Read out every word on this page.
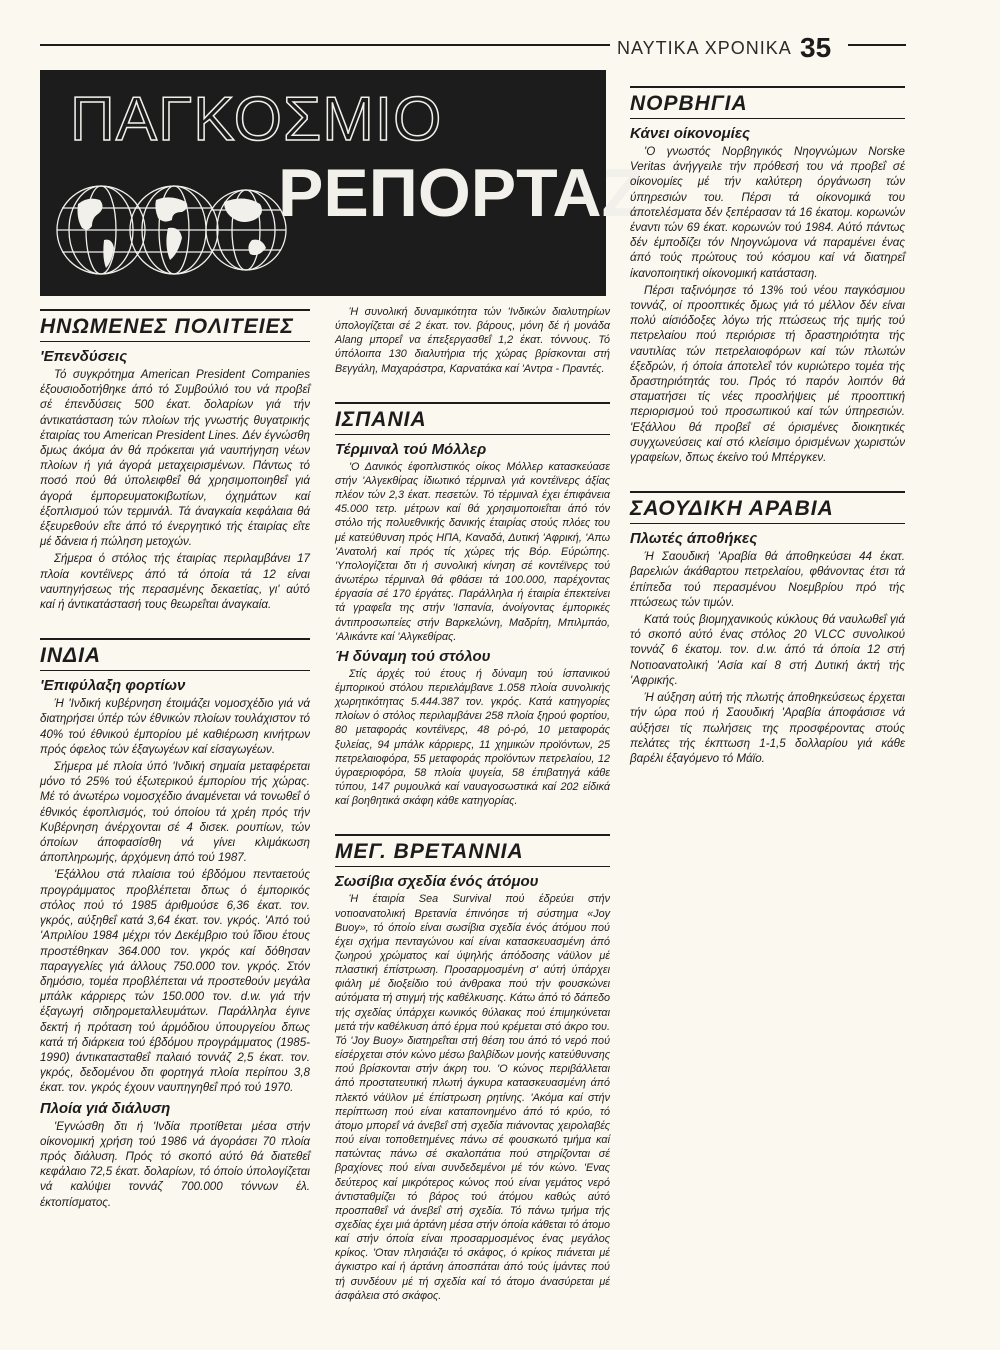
ΝΑΥΤΙΚΑ ΧΡΟΝΙΚΑ 35
ΠΑΓΚΟΣΜΙΟ
ΡΕΠΟΡΤΑΖ
ΗΝΩΜΕΝΕΣ ΠΟΛΙΤΕΙΕΣ
'Επενδύσεις

Τό συγκρότημα American President Companies έξουσιοδοτήθηκε άπό τό Συμβούλιό του νά προβεΐ σέ έπενδύσεις 500 έκατ. δολαρίων γιά τήν άντικατάσταση τών πλοίων τής γνωστής θυγατρικής έταιρίας του American President Lines. Δέν έγνώσθη δμως άκόμα άν θά πρόκειται γιά ναυπήγηση νέων πλοίων ή γιά άγορά μεταχειρισμένων. Πάντως τό ποσό πού θά ύπολειφθεΐ θά χρησιμοποιηθεΐ γιά άγορά έμπορευματοκιβωτίων, όχημάτων καί έξοπλισμού τών τερμινάλ. Τά άναγκαία κεφάλαια θά έξευρεθούν εΐτε άπό τό ένεργητικό τής έταιρίας εΐτε μέ δάνεια ή πώληση μετοχών.

Σήμερα ό στόλος τής έταιρίας περιλαμβάνει 17 πλοία κοντέϊνερς άπό τά όποία τά 12 είναι ναυπηγήσεως τής περασμένης δεκαετίας, γι' αύτό καί ή άντικατάστασή τους θεωρεΐται άναγκαία.

ΙΝΔΙΑ
'Επιφύλαξη φορτίων

Ή 'Ινδική κυβέρνηση έτοιμάζει νομοσχέδιο γιά νά διατηρήσει ύπέρ τών έθνικών πλοίων τουλάχιστον τό 40% τού έθνικού έμπορίου μέ καθιέρωση κινήτρων πρός όφελος τών έξαγωγέων καί είσαγωγέων.

Σήμερα μέ πλοία ύπό 'Ινδική σημαία μεταφέρεται μόνο τό 25% τού έξωτερικού έμπορίου τής χώρας. Μέ τό άνωτέρω νομοσχέδιο άναμένεται νά τονωθεΐ ό έθνικός έφοπλισμός, τού όποίου τά χρέη πρός τήν Κυβέρνηση άνέρχονται σέ 4 δισεκ. ρουπίων, τών όποίων άποφασίσθη νά γίνει κλιμάκωση άποπληρωμής, άρχόμενη άπό τού 1987.

'Εξάλλου στά πλαίσια τού έβδόμου πενταετούς προγράμματος προβλέπεται δπως ό έμπορικός στόλος πού τό 1985 άριθμούσε 6,36 έκατ. τον. γκρός, αύξηθεΐ κατά 3,64 έκατ. τον. γκρός. 'Από τού 'Απριλίου 1984 μέχρι τόν Δεκέμβριο τού ΐδιου έτους προστέθηκαν 364.000 τον. γκρός καί δόθησαν παραγγελίες γιά άλλους 750.000 τον. γκρός. Στόν δημόσιο, τομέα προβλέπεται νά προστεθούν μεγάλα μπάλκ κάρριερς τών 150.000 τον. d.w. γιά τήν έξαγωγή σιδηρομεταλλευμάτων. Παράλληλα έγινε δεκτή ή πρόταση τού άρμόδιου ύπουργείου δπως κατά τή διάρκεια τού έβδόμου προγράμματος (1985-1990) άντικατασταθεΐ παλαιό τοννάζ 2,5 έκατ. τον. γκρός, δεδομένου δτι φορτηγά πλοία περίπου 3,8 έκατ. τον. γκρός έχουν ναυπηγηθεΐ πρό τού 1970.

Πλοία γιά διάλυση

'Εγνώσθη δτι ή 'Ινδία προτίθεται μέσα στήν οίκονομική χρήση τού 1986 νά άγοράσει 70 πλοία πρός διάλυση. Πρός τό σκοπό αύτό θά διατεθεΐ κεφάλαιο 72,5 έκατ. δολαρίων, τό όποίο ύπολογίζεται νά καλύψει τοννάζ 700.000 τόννων έλ. έκτοπίσματος.

Ή συνολική δυναμικότητα τών 'Ινδικών διαλυτηρίων ύπολογίζεται σέ 2 έκατ. τον. βάρους, μόνη δέ ή μονάδα Alang μπορεΐ να έπεξεργασθεΐ 1,2 έκατ. τόννους. Τό ύπόλοιπα 130 διαλυτήρια τής χώρας βρίσκονται στή Βεγγάλη, Μαχαράστρα, Καρνατάκα καί 'Αντρα - Πραντές.

ΙΣΠΑΝΙΑ
Τέρμιναλ τού Μόλλερ

'Ο Δανικός έφοπλιστικός οίκος Μόλλερ κατασκεύασε στήν 'Αλγεκθίρας ίδιωτικό τέρμιναλ γιά κοντέϊνερς άξίας πλέον τών 2,3 έκατ. πεσετών. Τό τέρμιναλ έχει έπιφάνεια 45.000 τετρ. μέτρων καί θά χρησιμοποιεΐται άπό τόν στόλο τής πολυεθνικής δανικής έταιρίας στούς πλόες του μέ κατεύθυνση πρός ΗΠΑ, Καναδά, Δυτική 'Αφρική, 'Απω 'Ανατολή καί πρός τίς χώρες τής Βόρ. Εύρώπης. 'Υπολογίζεται δτι ή συνολική κίνηση σέ κοντέϊνερς τού άνωτέρω τέρμιναλ θά φθάσει τά 100.000, παρέχοντας έργασία σέ 170 έργάτες. Παράλληλα ή έταιρία έπεκτείνει τά γραφεΐα της στήν 'Ισπανία, άνοίγοντας έμπορικές άντιπροσωπείες στήν Βαρκελώνη, Μαδρίτη, Μπιλμπάο, 'Αλικάντε καί 'Αλγκεθίρας.

Ή δύναμη τού στόλου

Στίς άρχές τού έτους ή δύναμη τού ίσπανικού έμπορικού στόλου περιελάμβανε 1.058 πλοία συνολικής χωρητικότητας 5.444.387 τον. γκρός. Κατά κατηγορίες πλοίων ό στόλος περιλαμβάνει 258 πλοία ξηρού φορτίου, 80 μεταφοράς κοντέϊνερς, 48 ρό-ρό, 10 μεταφοράς ξυλείας, 94 μπάλκ κάρριερς, 11 χημικών προϊόντων, 25 πετρελαιοφόρα, 55 μεταφοράς προϊόντων πετρελαίου, 12 ύγραεριοφόρα, 58 πλοία ψυγεία, 58 έπιβατηγά κάθε τύπου, 147 ρυμουλκά καί ναυαγοσωστικά καί 202 είδικά καί βοηθητικά σκάφη κάθε κατηγορίας.

ΜΕΓ. ΒΡΕΤΑΝΝΙΑ
Σωσίβια σχεδία ένός άτόμου

Ή έταιρία Sea Survival πού έδρεύει στήν νοτιοανατολική Βρετανία έπινόησε τή σύστημα «Joy Buoy», τό όποίο είναι σωσίβια σχεδία ένός άτόμου πού έχει σχήμα πενταγώνου καί είναι κατασκευασμένη άπό ζωηρού χρώματος καί ύψηλής άπόδοσης νάϋλον μέ πλαστική έπίστρωση. Προσαρμοσμένη σ' αύτή ύπάρχει φιάλη μέ διοξείδιο τού άνθρακα πού τήν φουσκώνει αύτόματα τή στιγμή τής καθέλκυσης. Κάτω άπό τό δάπεδο τής σχεδίας ύπάρχει κωνικός θύλακας πού έπιμηκύνεται μετά τήν καθέλκυση άπό έρμα πού κρέμεται στό άκρο του. Τό 'Joy Buoy» διατηρεΐται στή θέση του άπό τό νερό πού είσέρχεται στόν κώνο μέσω βαλβίδων μονής κατεύθυνσης πού βρίσκονται στήν άκρη του. 'Ο κώνος περιβάλλεται άπό προστατευτική πλωτή άγκυρα κατασκευασμένη άπό πλεκτό νάϋλον μέ έπίστρωση ρητίνης. 'Ακόμα καί στήν περίπτωση πού είναι καταπονημένο άπό τό κρύο, τό άτομο μπορεΐ νά άνεβεΐ στή σχεδία πιάνοντας χειρολαβές πού είναι τοποθετημένες πάνω σέ φουσκωτό τμήμα καί πατώντας πάνω σέ σκαλοπάτια πού στηρίζονται σέ βραχίονες πού είναι συνδεδεμένοι μέ τόν κώνο. 'Ενας δεύτερος καί μικρότερος κώνος πού είναι γεμάτος νερό άντισταθμίζει τό βάρος τού άτόμου καθώς αύτό προσπαθεΐ νά άνεβεΐ στή σχεδία. Τό πάνω τμήμα τής σχεδίας έχει μιά άρτάνη μέσα στήν όποία κάθεται τό άτομο καί στήν όποία είναι προσαρμοσμένος ένας μεγάλος κρίκος. 'Οταν πλησιάζει τό σκάφος, ό κρίκος πιάνεται μέ άγκιστρο καί ή άρτάνη άποσπάται άπό τούς ίμάντες πού τή συνδέουν μέ τή σχεδία καί τό άτομο άνασύρεται μέ άσφάλεια στό σκάφος.

ΝΟΡΒΗΓΙΑ
Κάνει οίκονομίες

'Ο γνωστός Νορβηγικός Νηογνώμων Norske Veritas άνήγγειλε τήν πρόθεσή του νά προβεΐ σέ οίκονομίες μέ τήν καλύτερη όργάνωση τών ύπηρεσιών του. Πέρσι τά οίκονομικά του άποτελέσματα δέν ξεπέρασαν τά 16 έκατομ. κορωνών έναντι τών 69 έκατ. κορωνών τού 1984. Αύτό πάντως δέν έμποδίζει τόν Νηογνώμονα νά παραμένει ένας άπό τούς πρώτους τού κόσμου καί νά διατηρεΐ ίκανοποιητική οίκονομική κατάσταση.

Πέρσι ταξινόμησε τό 13% τού νέου παγκόσμιου τοννάζ, οί προοπτικές δμως γιά τό μέλλον δέν είναι πολύ αίσιόδοξες λόγω τής πτώσεως τής τιμής τού πετρελαίου πού περιόρισε τή δραστηριότητα τής ναυτιλίας τών πετρελαιοφόρων καί τών πλωτών έξεδρών, ή όποία άποτελεΐ τόν κυριώτερο τομέα τής δραστηριότητάς του. Πρός τό παρόν λοιπόν θά σταματήσει τίς νέες προσλήψεις μέ προοπτική περιορισμού τού προσωπικού καί τών ύπηρεσιών. 'Εξάλλου θά προβεΐ σέ όρισμένες διοικητικές συγχωνεύσεις καί στό κλείσιμο όρισμένων χωριστών γραφείων, δπως έκείνο τού Μπέργκεν.

ΣΑΟΥΔΙΚΗ ΑΡΑΒΙΑ
Πλωτές άποθήκες

Ή Σαουδική 'Αραβία θά άποθηκεύσει 44 έκατ. βαρελιών άκάθαρτου πετρελαίου, φθάνοντας έτσι τά έπίπεδα τού περασμένου Νοεμβρίου πρό τής πτώσεως τών τιμών.

Κατά τούς βιομηχανικούς κύκλους θά ναυλωθεΐ γιά τό σκοπό αύτό ένας στόλος 20 VLCC συνολικού τοννάζ 6 έκατομ. τον. d.w. άπό τά όποία 12 στή Νοτιοανατολική 'Ασία καί 8 στή Δυτική άκτή τής 'Αφρικής.

Ή αύξηση αύτή τής πλωτής άποθηκεύσεως έρχεται τήν ώρα πού ή Σαουδική 'Αραβία άποφάσισε νά αύξήσει τίς πωλήσεις της προσφέροντας στούς πελάτες τής έκπτωση 1-1,5 δολλαρίου γιά κάθε βαρέλι έξαγόμενο τό Μάϊο.
